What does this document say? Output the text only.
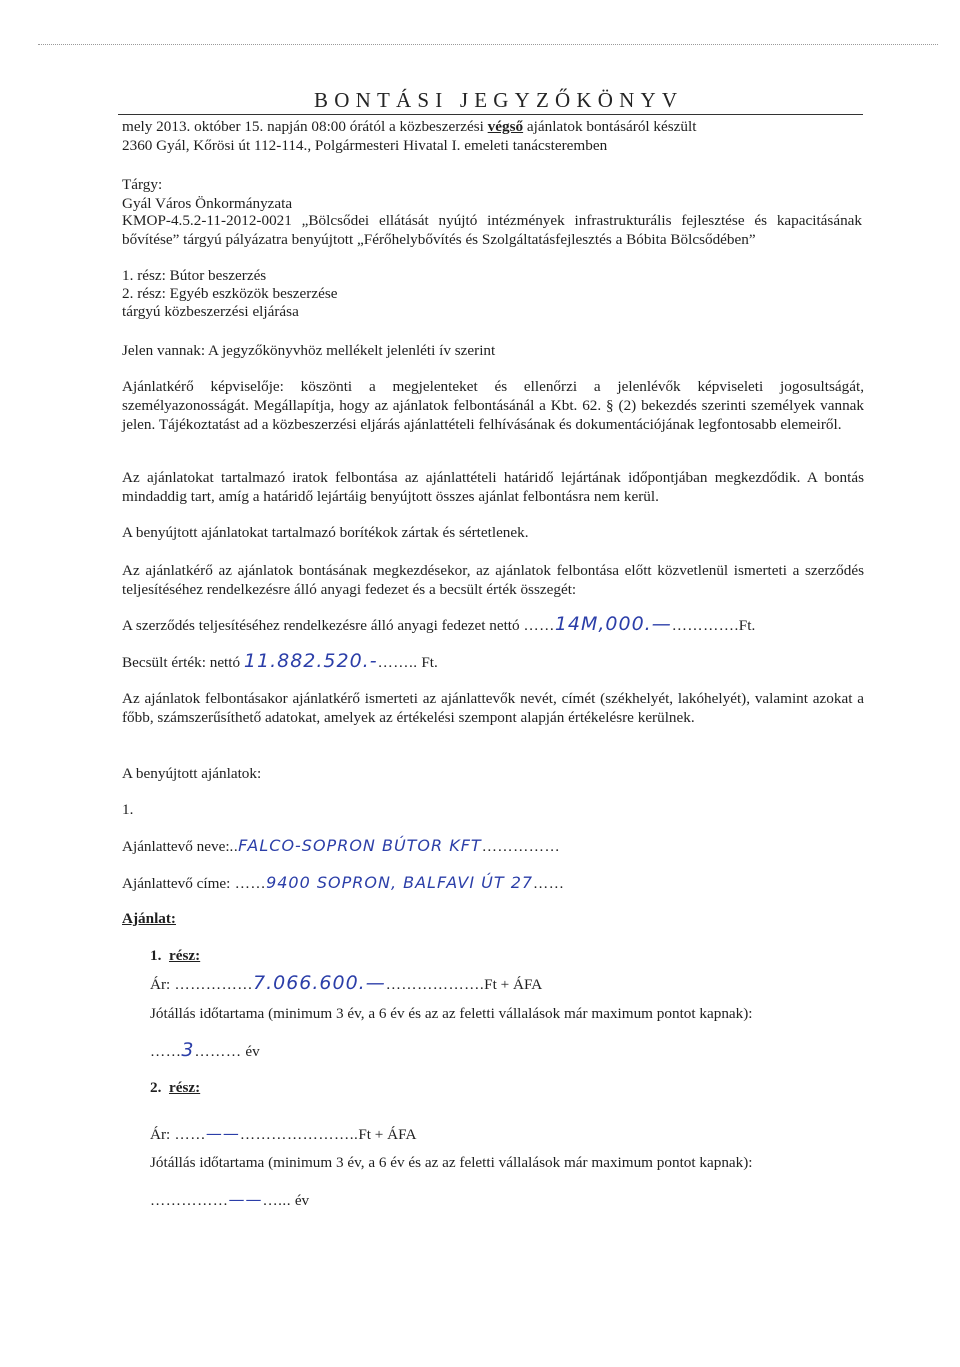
BONTÁSI JEGYZŐKÖNYV

mely 2013. október 15. napján 08:00 órától a közbeszerzési végső ajánlatok bontásáról készült

2360 Gyál, Kőrösi út 112-114., Polgármesteri Hivatal I. emeleti tanácsteremben

Tárgy:

Gyál Város Önkormányzata

KMOP-4.5.2-11-2012-0021 „Bölcsődei ellátását nyújtó intézmények infrastrukturális fejlesztése és kapacitásának bővítése” tárgyú pályázatra benyújtott „Férőhelybővítés és Szolgáltatásfejlesztés a Bóbita Bölcsődében”

1. rész: Bútor beszerzés

2. rész: Egyéb eszközök beszerzése

tárgyú közbeszerzési eljárása

Jelen vannak: A jegyzőkönyvhöz mellékelt jelenléti ív szerint

Ajánlatkérő képviselője: köszönti a megjelenteket és ellenőrzi a jelenlévők képviseleti jogosultságát, személyazonosságát. Megállapítja, hogy az ajánlatok felbontásánál a Kbt. 62. § (2) bekezdés szerinti személyek vannak jelen. Tájékoztatást ad a közbeszerzési eljárás ajánlattételi felhívásának és dokumentációjának legfontosabb elemeiről.

Az ajánlatokat tartalmazó iratok felbontása az ajánlattételi határidő lejártának időpontjában megkezdődik. A bontás mindaddig tart, amíg a határidő lejártáig benyújtott összes ajánlat felbontásra nem kerül.

A benyújtott ajánlatokat tartalmazó borítékok zártak és sértetlenek.

Az ajánlatkérő az ajánlatok bontásának megkezdésekor, az ajánlatok felbontása előtt közvetlenül ismerteti a szerződés teljesítéséhez rendelkezésre álló anyagi fedezet és a becsült érték összegét:

A szerződés teljesítéséhez rendelkezésre álló anyagi fedezet nettó ……14M,000.—………….Ft.

Becsült érték: nettó 11.882.520.-…….. Ft.

Az ajánlatok felbontásakor ajánlatkérő ismerteti az ajánlattevők nevét, címét (székhelyét, lakóhelyét), valamint azokat a főbb, számszerűsíthető adatokat, amelyek az értékelési szempont alapján értékelésre kerülnek.

A benyújtott ajánlatok:

1.

Ajánlattevő neve:..FALCO-SOPRON BÚTOR KFT……………

Ajánlattevő címe: ……9400 SOPRON, BALFAVI ÚT 27……

Ajánlat:

1. rész:

Ár: ……………7.066.600.—……………….Ft + ÁFA

Jótállás időtartama (minimum 3 év, a 6 év és az az feletti vállalások már maximum pontot kapnak):

……3……… év

2. rész:

Ár: ……——…………………..Ft + ÁFA

Jótállás időtartama (minimum 3 év, a 6 év és az az feletti vállalások már maximum pontot kapnak):

……………——…... év
